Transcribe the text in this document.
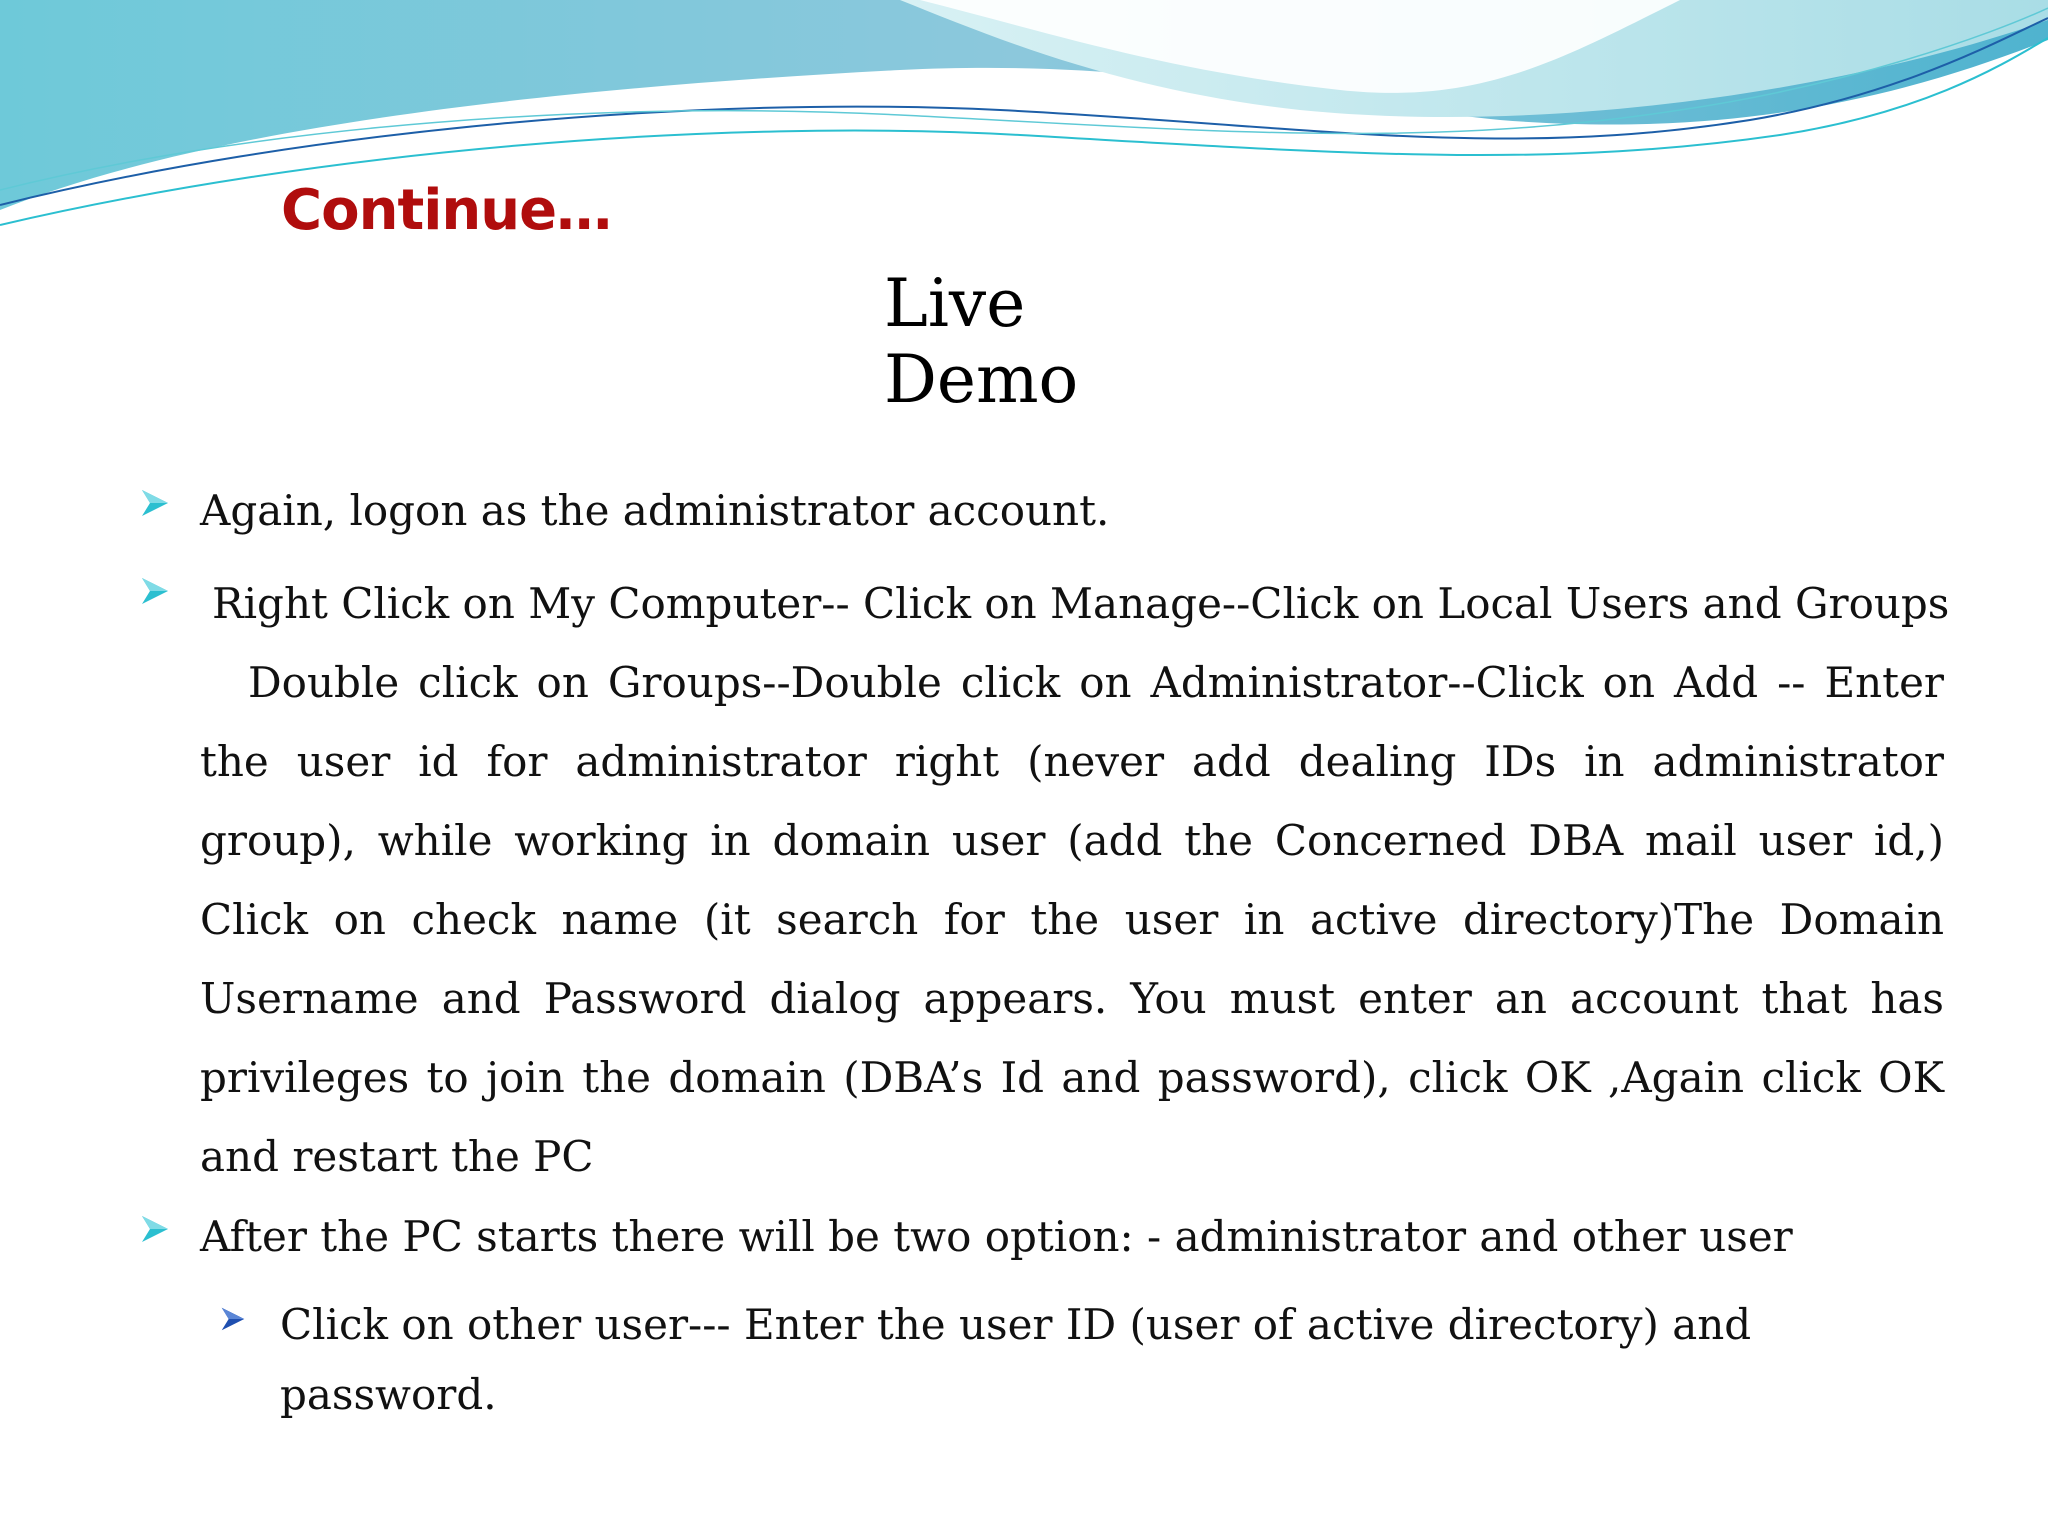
Continue…
Live
Demo

Again, logon as the administrator account.

Right Click on My Computer-- Click on Manage--Click on Local Users and Groups
Double click on Groups--Double click on Administrator--Click on Add -- Enter the user id for administrator right (never add dealing IDs in administrator group), while working in domain user (add the Concerned DBA mail user id,) Click on check name (it search for the user in active directory)The Domain Username and Password dialog appears. You must enter an account that has privileges to join the domain (DBA’s Id and password), click OK ,Again click OK and restart the PC

After the PC starts there will be two option: - administrator and other user

Click on other user--- Enter the user ID (user of active directory) and password.
